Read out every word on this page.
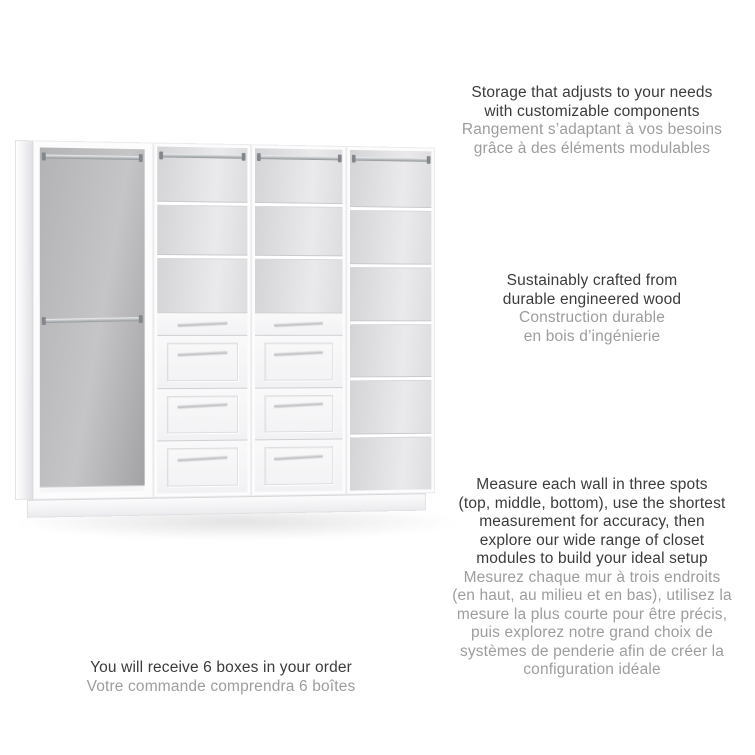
Storage that adjusts to your needs
with customizable components
Rangement s’adaptant à vos besoins
grâce à des éléments modulables
Sustainably crafted from
durable engineered wood
Construction durable
en bois d’ingénierie
Measure each wall in three spots
(top, middle, bottom), use the shortest
measurement for accuracy, then
explore our wide range of closet
modules to build your ideal setup
Mesurez chaque mur à trois endroits
(en haut, au milieu et en bas), utilisez la
mesure la plus courte pour être précis,
puis explorez notre grand choix de
systèmes de penderie afin de créer la
configuration idéale
You will receive 6 boxes in your order
Votre commande comprendra 6 boîtes
